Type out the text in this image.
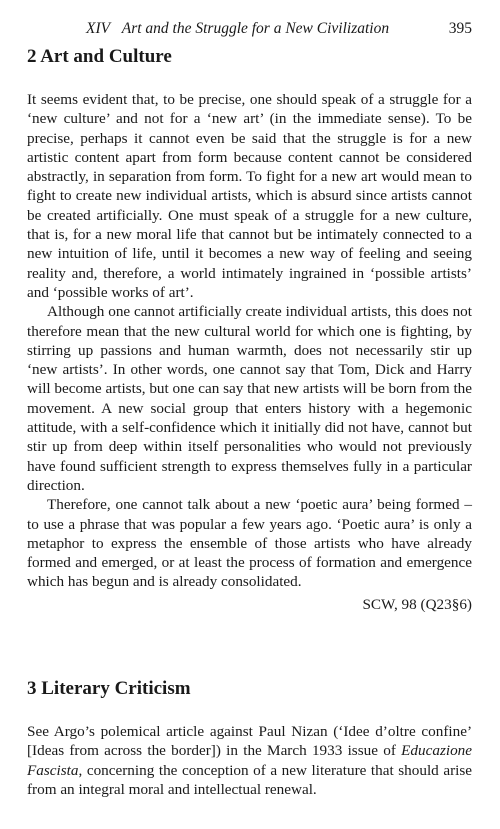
XIV Art and the Struggle for a New Civilization	395
2 Art and Culture

It seems evident that, to be precise, one should speak of a struggle for a ‘new culture’ and not for a ‘new art’ (in the immediate sense). To be precise, perhaps it cannot even be said that the struggle is for a new artistic content apart from form because content cannot be considered abstractly, in separation from form. To fight for a new art would mean to fight to create new individual artists, which is absurd since artists cannot be created artificially. One must speak of a struggle for a new culture, that is, for a new moral life that cannot but be intimately connected to a new intuition of life, until it becomes a new way of feeling and seeing reality and, therefore, a world intimately ingrained in ‘possible artists’ and ‘possible works of art’.

Although one cannot artificially create individual artists, this does not therefore mean that the new cultural world for which one is fighting, by stirring up passions and human warmth, does not necessarily stir up ‘new artists’. In other words, one cannot say that Tom, Dick and Harry will become artists, but one can say that new artists will be born from the movement. A new social group that enters history with a hegemonic attitude, with a self-confidence which it initially did not have, cannot but stir up from deep within itself personalities who would not previously have found sufficient strength to express themselves fully in a particular direction.

Therefore, one cannot talk about a new ‘poetic aura’ being formed – to use a phrase that was popular a few years ago. ‘Poetic aura’ is only a metaphor to express the ensemble of those artists who have already formed and emerged, or at least the process of formation and emergence which has begun and is already consolidated.

SCW, 98 (Q23§6)
3 Literary Criticism

See Argo’s polemical article against Paul Nizan (‘Idee d’oltre confine’ [Ideas from across the border]) in the March 1933 issue of Educazione Fascista, concerning the conception of a new literature that should arise from an integral moral and intellectual renewal.
